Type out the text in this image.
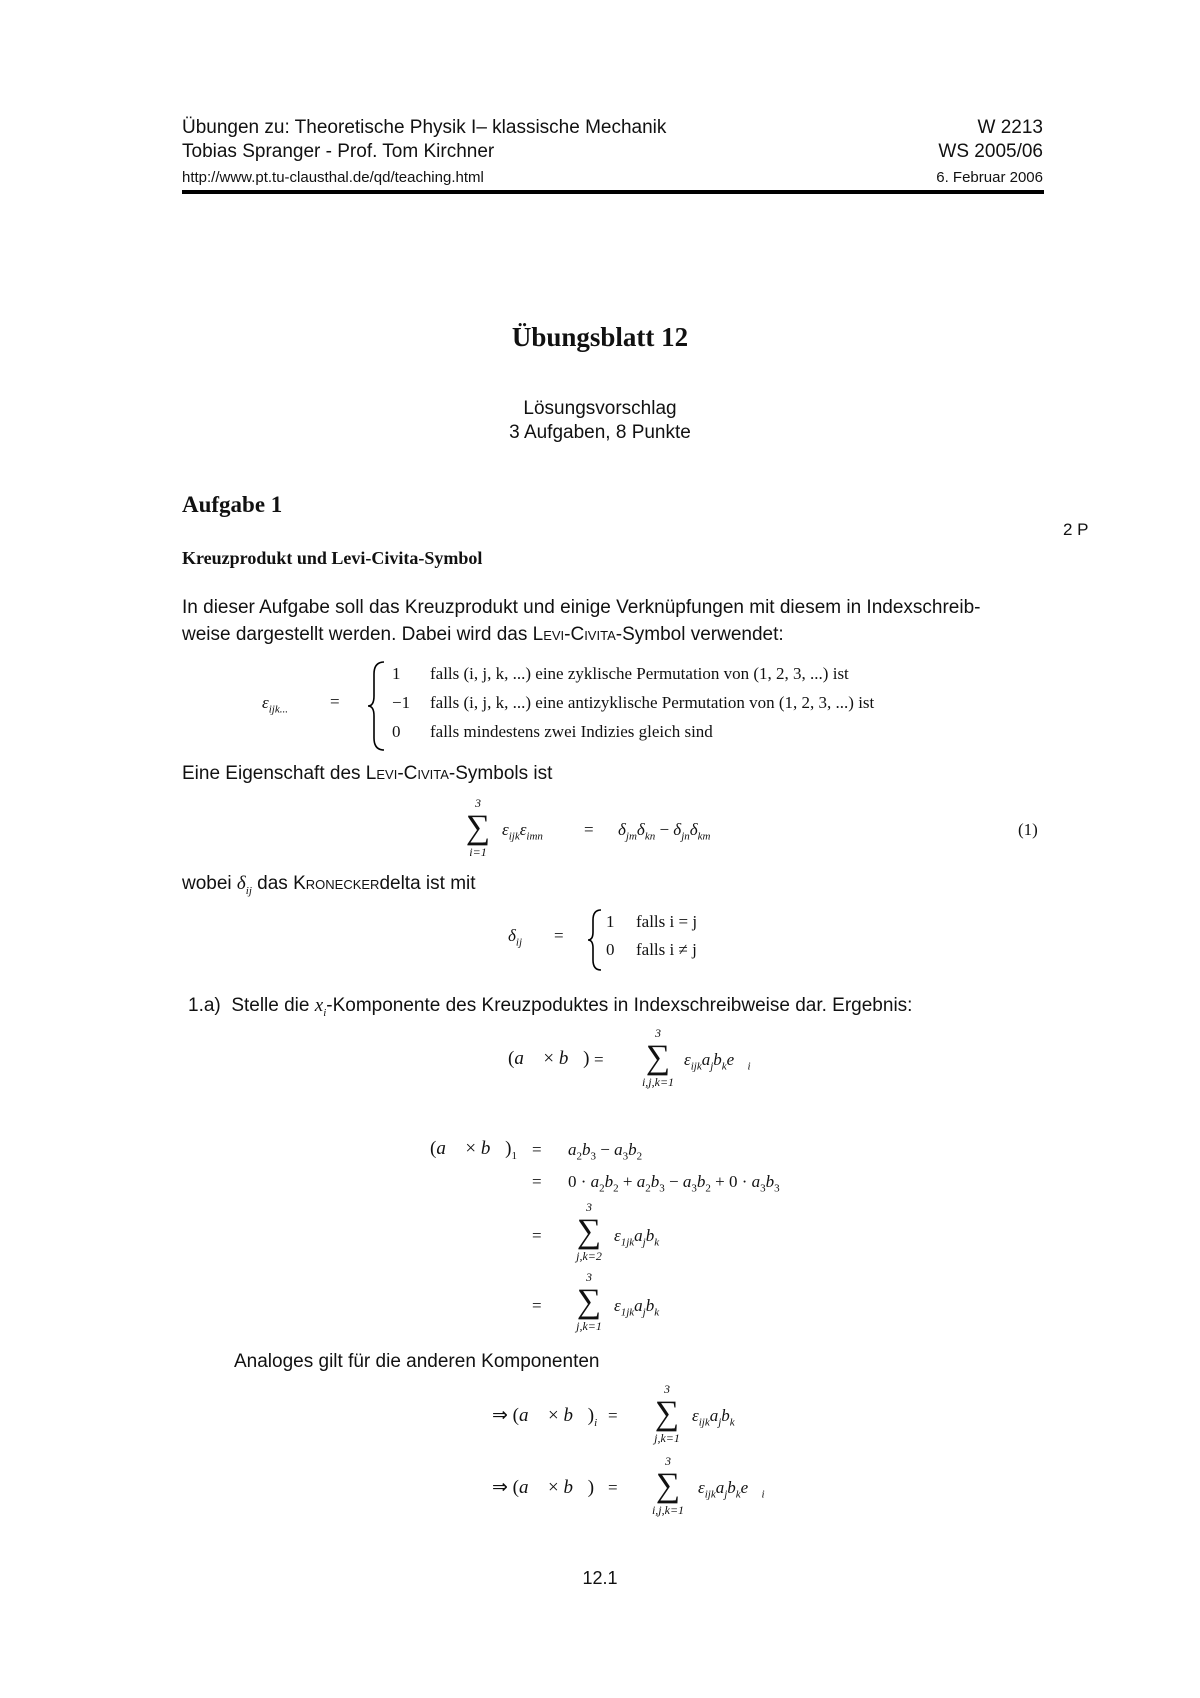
Übungen zu: Theoretische Physik I– klassische Mechanik
Tobias Spranger - Prof. Tom Kirchner
http://www.pt.tu-clausthal.de/qd/teaching.html
W 2213
WS 2005/06
6. Februar 2006
Übungsblatt 12
Lösungsvorschlag
3 Aufgaben, 8 Punkte
Aufgabe 1
2 P
Kreuzprodukt und Levi-Civita-Symbol
In dieser Aufgabe soll das Kreuzprodukt und einige Verknüpfungen mit diesem in Indexschreib-
weise dargestellt werden. Dabei wird das Levi-Civita-Symbol verwendet:
$\varepsilon_{ijk...}$ =
1 falls (i, j, k, ...) eine zyklische Permutation von (1, 2, 3, ...) ist
−1 falls (i, j, k, ...) eine antizyklische Permutation von (1, 2, 3, ...) ist
0 falls mindestens zwei Indizies gleich sind
Eine Eigenschaft des Levi-Civita-Symbols ist
3
∑
i=1
$\varepsilon_{ijk}\varepsilon_{imn} = \delta_{jm}\delta_{kn} - \delta_{jn}\delta_{km}$	(1)
wobei $\delta_{ij}$ das Kroneckerdelta ist mit
$\delta_{ij}$ =
1 falls i = j
0 falls i ≠ j
1.a) Stelle die $x_i$-Komponente des Kreuzpoduktes in Indexschreibweise dar. Ergebnis:
(a⃗ × b⃗) =
3
∑
i,j,k=1
$\varepsilon_{ijk}a_jb_ke⃗_i$
(a⃗ × $b⃗)_1 = a_2b_3 - a_3b_2$
= $0 \cdot a_2b_2 + a_2b_3 - a_3b_2 + 0 \cdot a_3b_3$
=
3
∑
j,k=2
$\varepsilon_{1jk}a_jb_k$
=
3
∑
j,k=1
$\varepsilon_{1jk}a_jb_k$
Analoges gilt für die anderen Komponenten
⇒ (a⃗ × $b⃗)_i$ =
3
∑
j,k=1
$\varepsilon_{ijk}a_jb_k$
⇒ (a⃗ × b⃗) =
3
∑
i,j,k=1
$\varepsilon_{ijk}a_jb_ke⃗_i$
12.1
